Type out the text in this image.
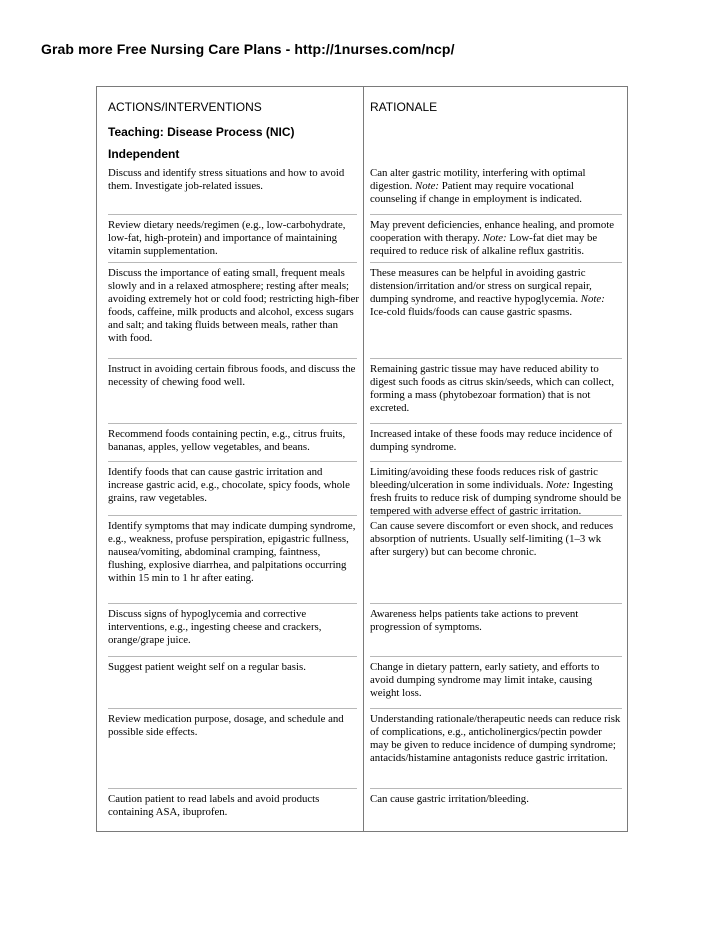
Grab more Free Nursing Care Plans - http://1nurses.com/ncp/
ACTIONS/INTERVENTIONS	RATIONALE
Teaching: Disease Process (NIC)
Independent
Discuss and identify stress situations and how to avoid
them. Investigate job-related issues.
Can alter gastric motility, interfering with optimal
digestion. Note: Patient may require vocational
counseling if change in employment is indicated.
Review dietary needs/regimen (e.g., low-carbohydrate,
low-fat, high-protein) and importance of maintaining
vitamin supplementation.
May prevent deficiencies, enhance healing, and promote
cooperation with therapy. Note: Low-fat diet may be
required to reduce risk of alkaline reflux gastritis.
Discuss the importance of eating small, frequent meals
slowly and in a relaxed atmosphere; resting after meals;
avoiding extremely hot or cold food; restricting high-fiber
foods, caffeine, milk products and alcohol, excess sugars
and salt; and taking fluids between meals, rather than
with food.
These measures can be helpful in avoiding gastric
distension/irritation and/or stress on surgical repair,
dumping syndrome, and reactive hypoglycemia. Note:
Ice-cold fluids/foods can cause gastric spasms.
Instruct in avoiding certain fibrous foods, and discuss the
necessity of chewing food well.
Remaining gastric tissue may have reduced ability to
digest such foods as citrus skin/seeds, which can collect,
forming a mass (phytobezoar formation) that is not
excreted.
Recommend foods containing pectin, e.g., citrus fruits,
bananas, apples, yellow vegetables, and beans.
Increased intake of these foods may reduce incidence of
dumping syndrome.
Identify foods that can cause gastric irritation and
increase gastric acid, e.g., chocolate, spicy foods, whole
grains, raw vegetables.
Limiting/avoiding these foods reduces risk of gastric
bleeding/ulceration in some individuals. Note: Ingesting
fresh fruits to reduce risk of dumping syndrome should be
tempered with adverse effect of gastric irritation.
Identify symptoms that may indicate dumping syndrome,
e.g., weakness, profuse perspiration, epigastric fullness,
nausea/vomiting, abdominal cramping, faintness,
flushing, explosive diarrhea, and palpitations occurring
within 15 min to 1 hr after eating.
Can cause severe discomfort or even shock, and reduces
absorption of nutrients. Usually self-limiting (1–3 wk
after surgery) but can become chronic.
Discuss signs of hypoglycemia and corrective
interventions, e.g., ingesting cheese and crackers,
orange/grape juice.
Awareness helps patients take actions to prevent
progression of symptoms.
Suggest patient weight self on a regular basis.	Change in dietary pattern, early satiety, and efforts to
avoid dumping syndrome may limit intake, causing
weight loss.
Review medication purpose, dosage, and schedule and
possible side effects.
Understanding rationale/therapeutic needs can reduce risk
of complications, e.g., anticholinergics/pectin powder
may be given to reduce incidence of dumping syndrome;
antacids/histamine antagonists reduce gastric irritation.
Caution patient to read labels and avoid products
containing ASA, ibuprofen.
Can cause gastric irritation/bleeding.
